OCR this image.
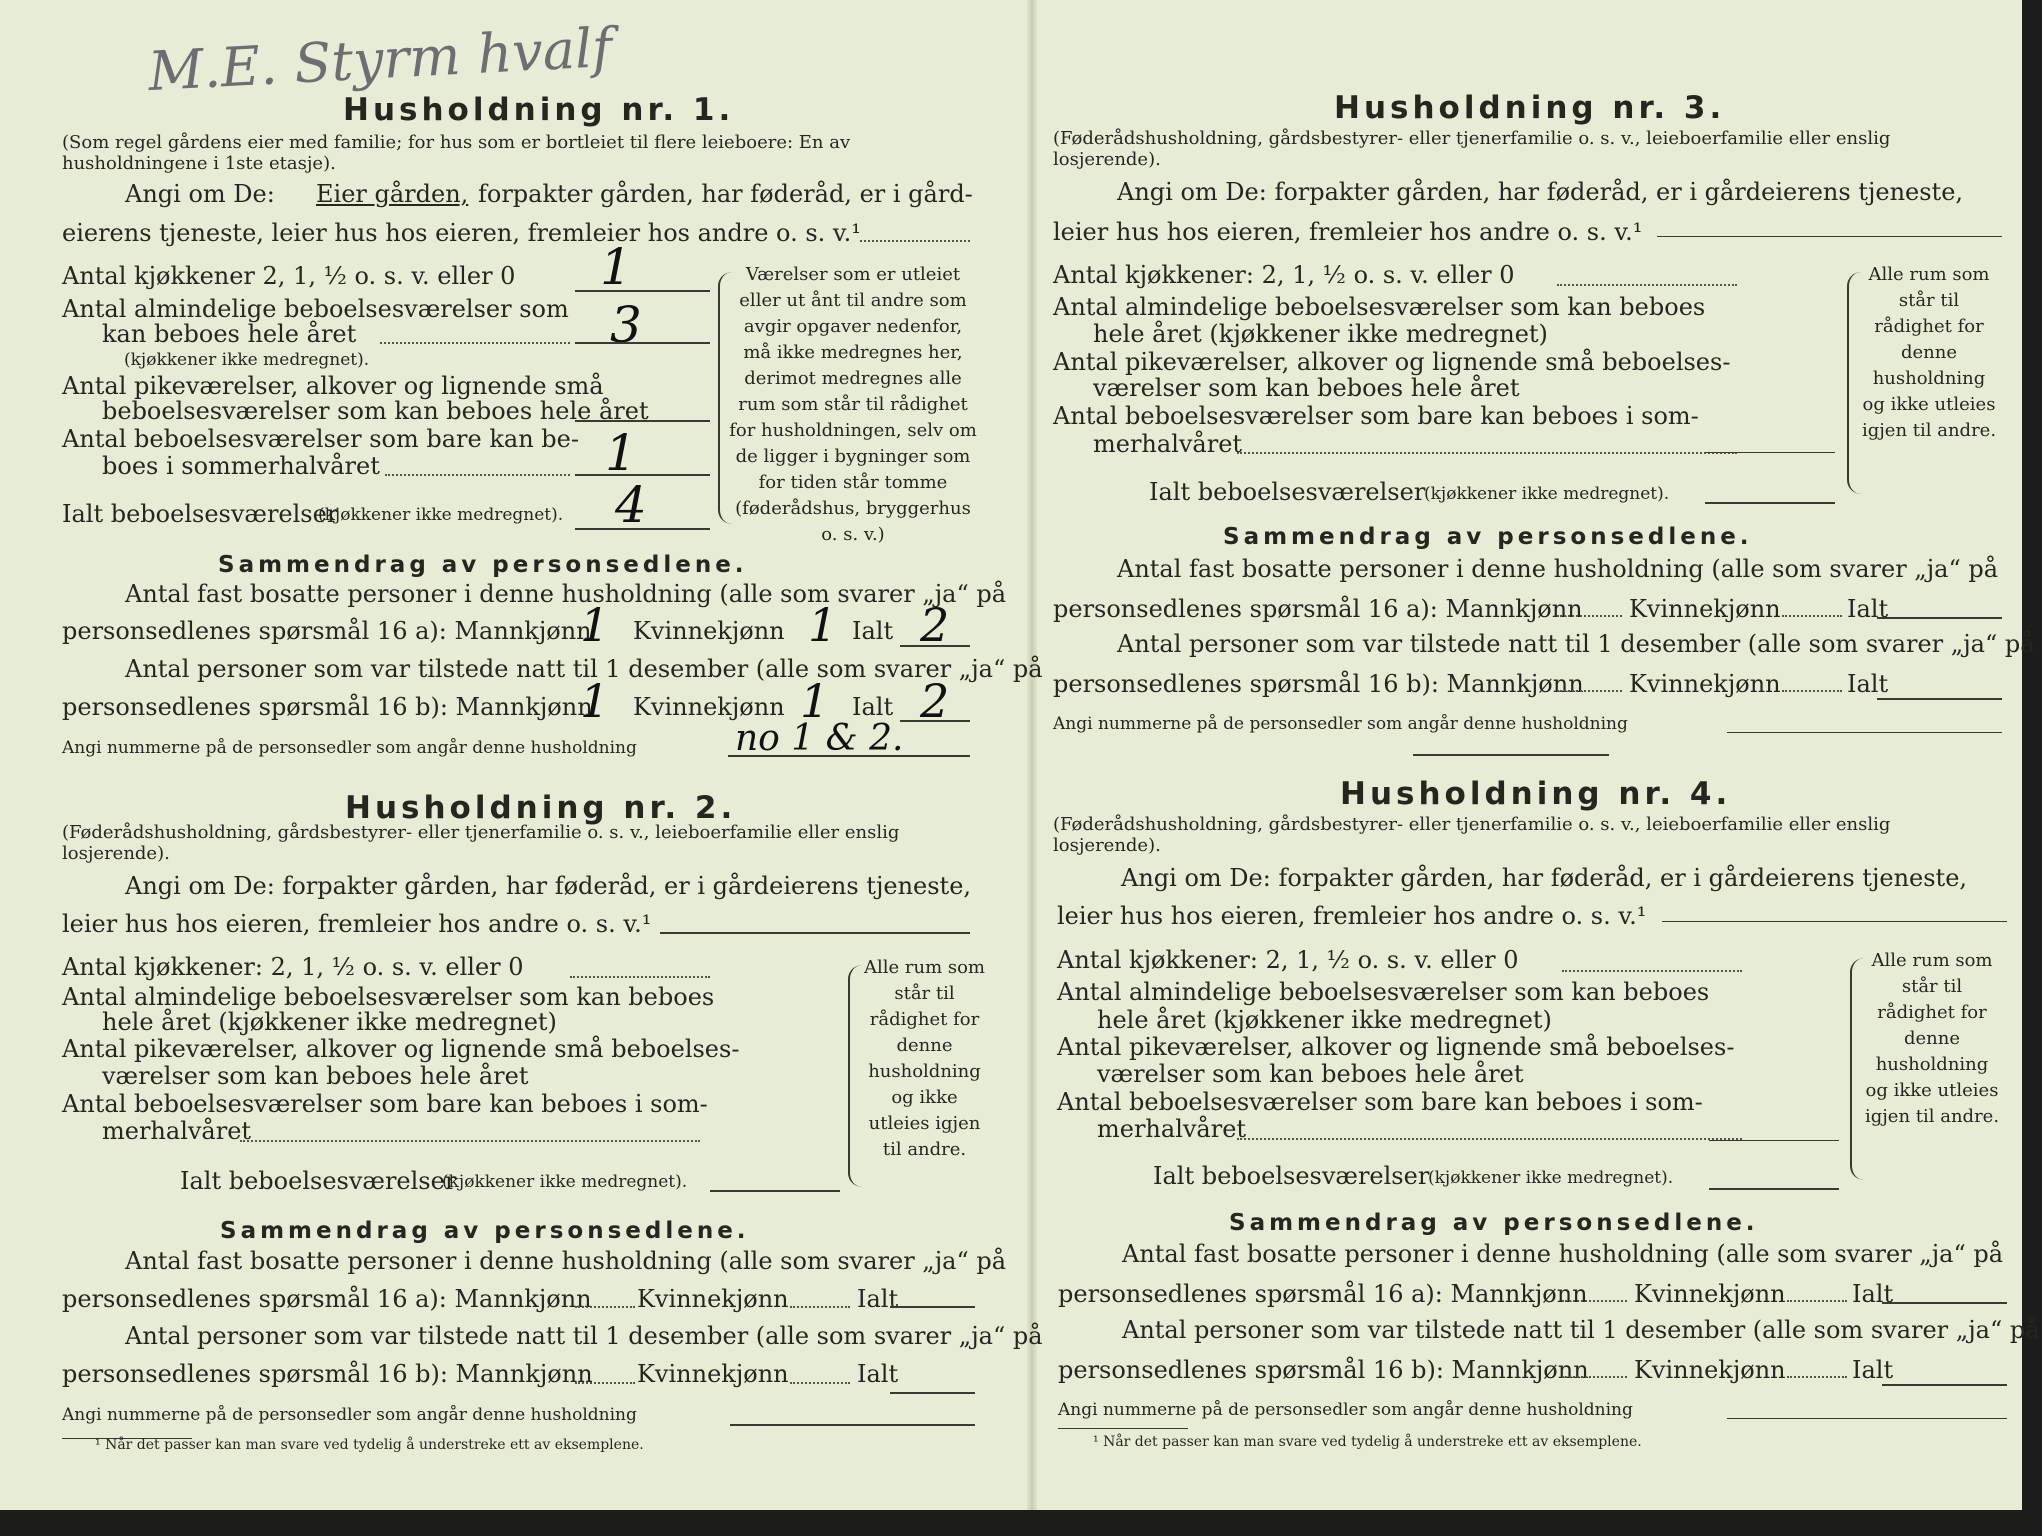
M.E. Styrm hvalf
Husholdning nr. 1.
(Som regel gårdens eier med familie; for hus som er bortleiet til flere leieboere: En av husholdningene i 1ste etasje).
Angi om De: Eier gården, forpakter gården, har føderåd, er i gård-
eierens tjeneste, leier hus hos eieren, fremleier hos andre o. s. v.¹
Antal kjøkkener 2, 1, ½ o. s. v. eller 0 1
Antal almindelige beboelsesværelser som
kan beboes hele året	3
(kjøkkener ikke medregnet).
Antal pikeværelser, alkover og lignende små
beboelsesværelser som kan beboes hele året
Antal beboelsesværelser som bare kan be-
boes i sommerhalvåret	1
Ialt beboelsesværelser
(kjøkkener ikke medregnet). 4
Værelser som er utleiet eller ut ånt til andre som avgir opgaver nedenfor, må ikke medregnes her, derimot medregnes alle rum som står til rådighet for husholdningen, selv om de ligger i bygninger som for tiden står tomme (føderådshus, bryggerhus o. s. v.)
Sammendrag av personsedlene.
Antal fast bosatte personer i denne husholdning (alle som svarer „ja“ på
personsedlenes spørsmål 16 a): Mannkjønn
1 Kvinnekjønn 1 Ialt 2
Antal personer som var tilstede natt til 1 desember (alle som svarer „ja“ på
personsedlenes spørsmål 16 b): Mannkjønn
1 Kvinnekjønn 1 Ialt 2
Angi nummerne på de personsedler som angår denne husholdning	no 1 & 2.
Husholdning nr. 2.
(Føderådshusholdning, gårdsbestyrer- eller tjenerfamilie o. s. v., leieboerfamilie eller enslig losjerende).
Angi om De: forpakter gården, har føderåd, er i gårdeierens tjeneste,
leier hus hos eieren, fremleier hos andre o. s. v.¹
Antal kjøkkener: 2, 1, ½ o. s. v. eller 0
Antal almindelige beboelsesværelser som kan beboes
hele året (kjøkkener ikke medregnet)
Antal pikeværelser, alkover og lignende små beboelses-
værelser som kan beboes hele året
Antal beboelsesværelser som bare kan beboes i som-
merhalvåret
Ialt beboelsesværelser
(kjøkkener ikke medregnet).
Alle rum som står til rådighet for denne husholdning og ikke utleies igjen til andre.
Sammendrag av personsedlene.
Antal fast bosatte personer i denne husholdning (alle som svarer „ja“ på
personsedlenes spørsmål 16 a): Mannkjønn Kvinnekjønn	Ialt
Antal personer som var tilstede natt til 1 desember (alle som svarer „ja“ på
personsedlenes spørsmål 16 b): Mannkjønn Kvinnekjønn	Ialt
Angi nummerne på de personsedler som angår denne husholdning
¹ Når det passer kan man svare ved tydelig å understreke ett av eksemplene.
Husholdning nr. 3.
(Føderådshusholdning, gårdsbestyrer- eller tjenerfamilie o. s. v., leieboerfamilie eller enslig losjerende).
Angi om De: forpakter gården, har føderåd, er i gårdeierens tjeneste,
leier hus hos eieren, fremleier hos andre o. s. v.¹
Antal kjøkkener: 2, 1, ½ o. s. v. eller 0
Antal almindelige beboelsesværelser som kan beboes
hele året (kjøkkener ikke medregnet)
Antal pikeværelser, alkover og lignende små beboelses-
værelser som kan beboes hele året
Antal beboelsesværelser som bare kan beboes i som-
merhalvåret
Ialt beboelsesværelser
(kjøkkener ikke medregnet).
Alle rum som står til rådighet for denne husholdning og ikke utleies igjen til andre.
Sammendrag av personsedlene.
Antal fast bosatte personer i denne husholdning (alle som svarer „ja“ på
personsedlenes spørsmål 16 a): Mannkjønn Kvinnekjønn	Ialt
Antal personer som var tilstede natt til 1 desember (alle som svarer „ja“ på
personsedlenes spørsmål 16 b): Mannkjønn Kvinnekjønn	Ialt
Angi nummerne på de personsedler som angår denne husholdning
Husholdning nr. 4.
(Føderådshusholdning, gårdsbestyrer- eller tjenerfamilie o. s. v., leieboerfamilie eller enslig losjerende).
Angi om De: forpakter gården, har føderåd, er i gårdeierens tjeneste,
leier hus hos eieren, fremleier hos andre o. s. v.¹
Antal kjøkkener: 2, 1, ½ o. s. v. eller 0
Antal almindelige beboelsesværelser som kan beboes
hele året (kjøkkener ikke medregnet)
Antal pikeværelser, alkover og lignende små beboelses-
værelser som kan beboes hele året
Antal beboelsesværelser som bare kan beboes i som-
merhalvåret
Ialt beboelsesværelser
(kjøkkener ikke medregnet).
Alle rum som står til rådighet for denne husholdning og ikke utleies igjen til andre.
Sammendrag av personsedlene.
Antal fast bosatte personer i denne husholdning (alle som svarer „ja“ på
personsedlenes spørsmål 16 a): Mannkjønn Kvinnekjønn	Ialt
Antal personer som var tilstede natt til 1 desember (alle som svarer „ja“ på
personsedlenes spørsmål 16 b): Mannkjønn Kvinnekjønn	Ialt
Angi nummerne på de personsedler som angår denne husholdning
¹ Når det passer kan man svare ved tydelig å understreke ett av eksemplene.
